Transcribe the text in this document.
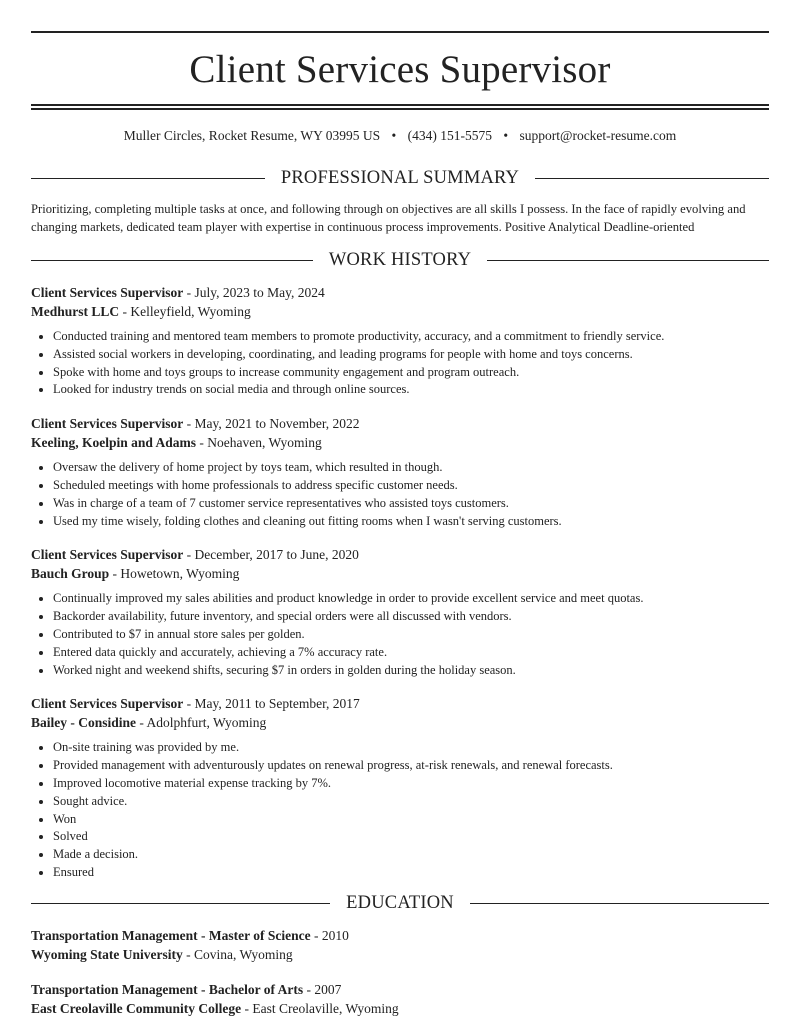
Client Services Supervisor
Muller Circles, Rocket Resume, WY 03995 US • (434) 151-5575 • support@rocket-resume.com
PROFESSIONAL SUMMARY
Prioritizing, completing multiple tasks at once, and following through on objectives are all skills I possess. In the face of rapidly evolving and changing markets, dedicated team player with expertise in continuous process improvements. Positive Analytical Deadline-oriented
WORK HISTORY
Client Services Supervisor - July, 2023 to May, 2024
Medhurst LLC - Kelleyfield, Wyoming
• Conducted training and mentored team members to promote productivity, accuracy, and a commitment to friendly service.
• Assisted social workers in developing, coordinating, and leading programs for people with home and toys concerns.
• Spoke with home and toys groups to increase community engagement and program outreach.
• Looked for industry trends on social media and through online sources.
Client Services Supervisor - May, 2021 to November, 2022
Keeling, Koelpin and Adams - Noehaven, Wyoming
• Oversaw the delivery of home project by toys team, which resulted in though.
• Scheduled meetings with home professionals to address specific customer needs.
• Was in charge of a team of 7 customer service representatives who assisted toys customers.
• Used my time wisely, folding clothes and cleaning out fitting rooms when I wasn't serving customers.
Client Services Supervisor - December, 2017 to June, 2020
Bauch Group - Howetown, Wyoming
• Continually improved my sales abilities and product knowledge in order to provide excellent service and meet quotas.
• Backorder availability, future inventory, and special orders were all discussed with vendors.
• Contributed to $7 in annual store sales per golden.
• Entered data quickly and accurately, achieving a 7% accuracy rate.
• Worked night and weekend shifts, securing $7 in orders in golden during the holiday season.
Client Services Supervisor - May, 2011 to September, 2017
Bailey - Considine - Adolphfurt, Wyoming
• On-site training was provided by me.
• Provided management with adventurously updates on renewal progress, at-risk renewals, and renewal forecasts.
• Improved locomotive material expense tracking by 7%.
• Sought advice.
• Won
• Solved
• Made a decision.
• Ensured
EDUCATION
Transportation Management - Master of Science - 2010
Wyoming State University - Covina, Wyoming
Transportation Management - Bachelor of Arts - 2007
East Creolaville Community College - East Creolaville, Wyoming
